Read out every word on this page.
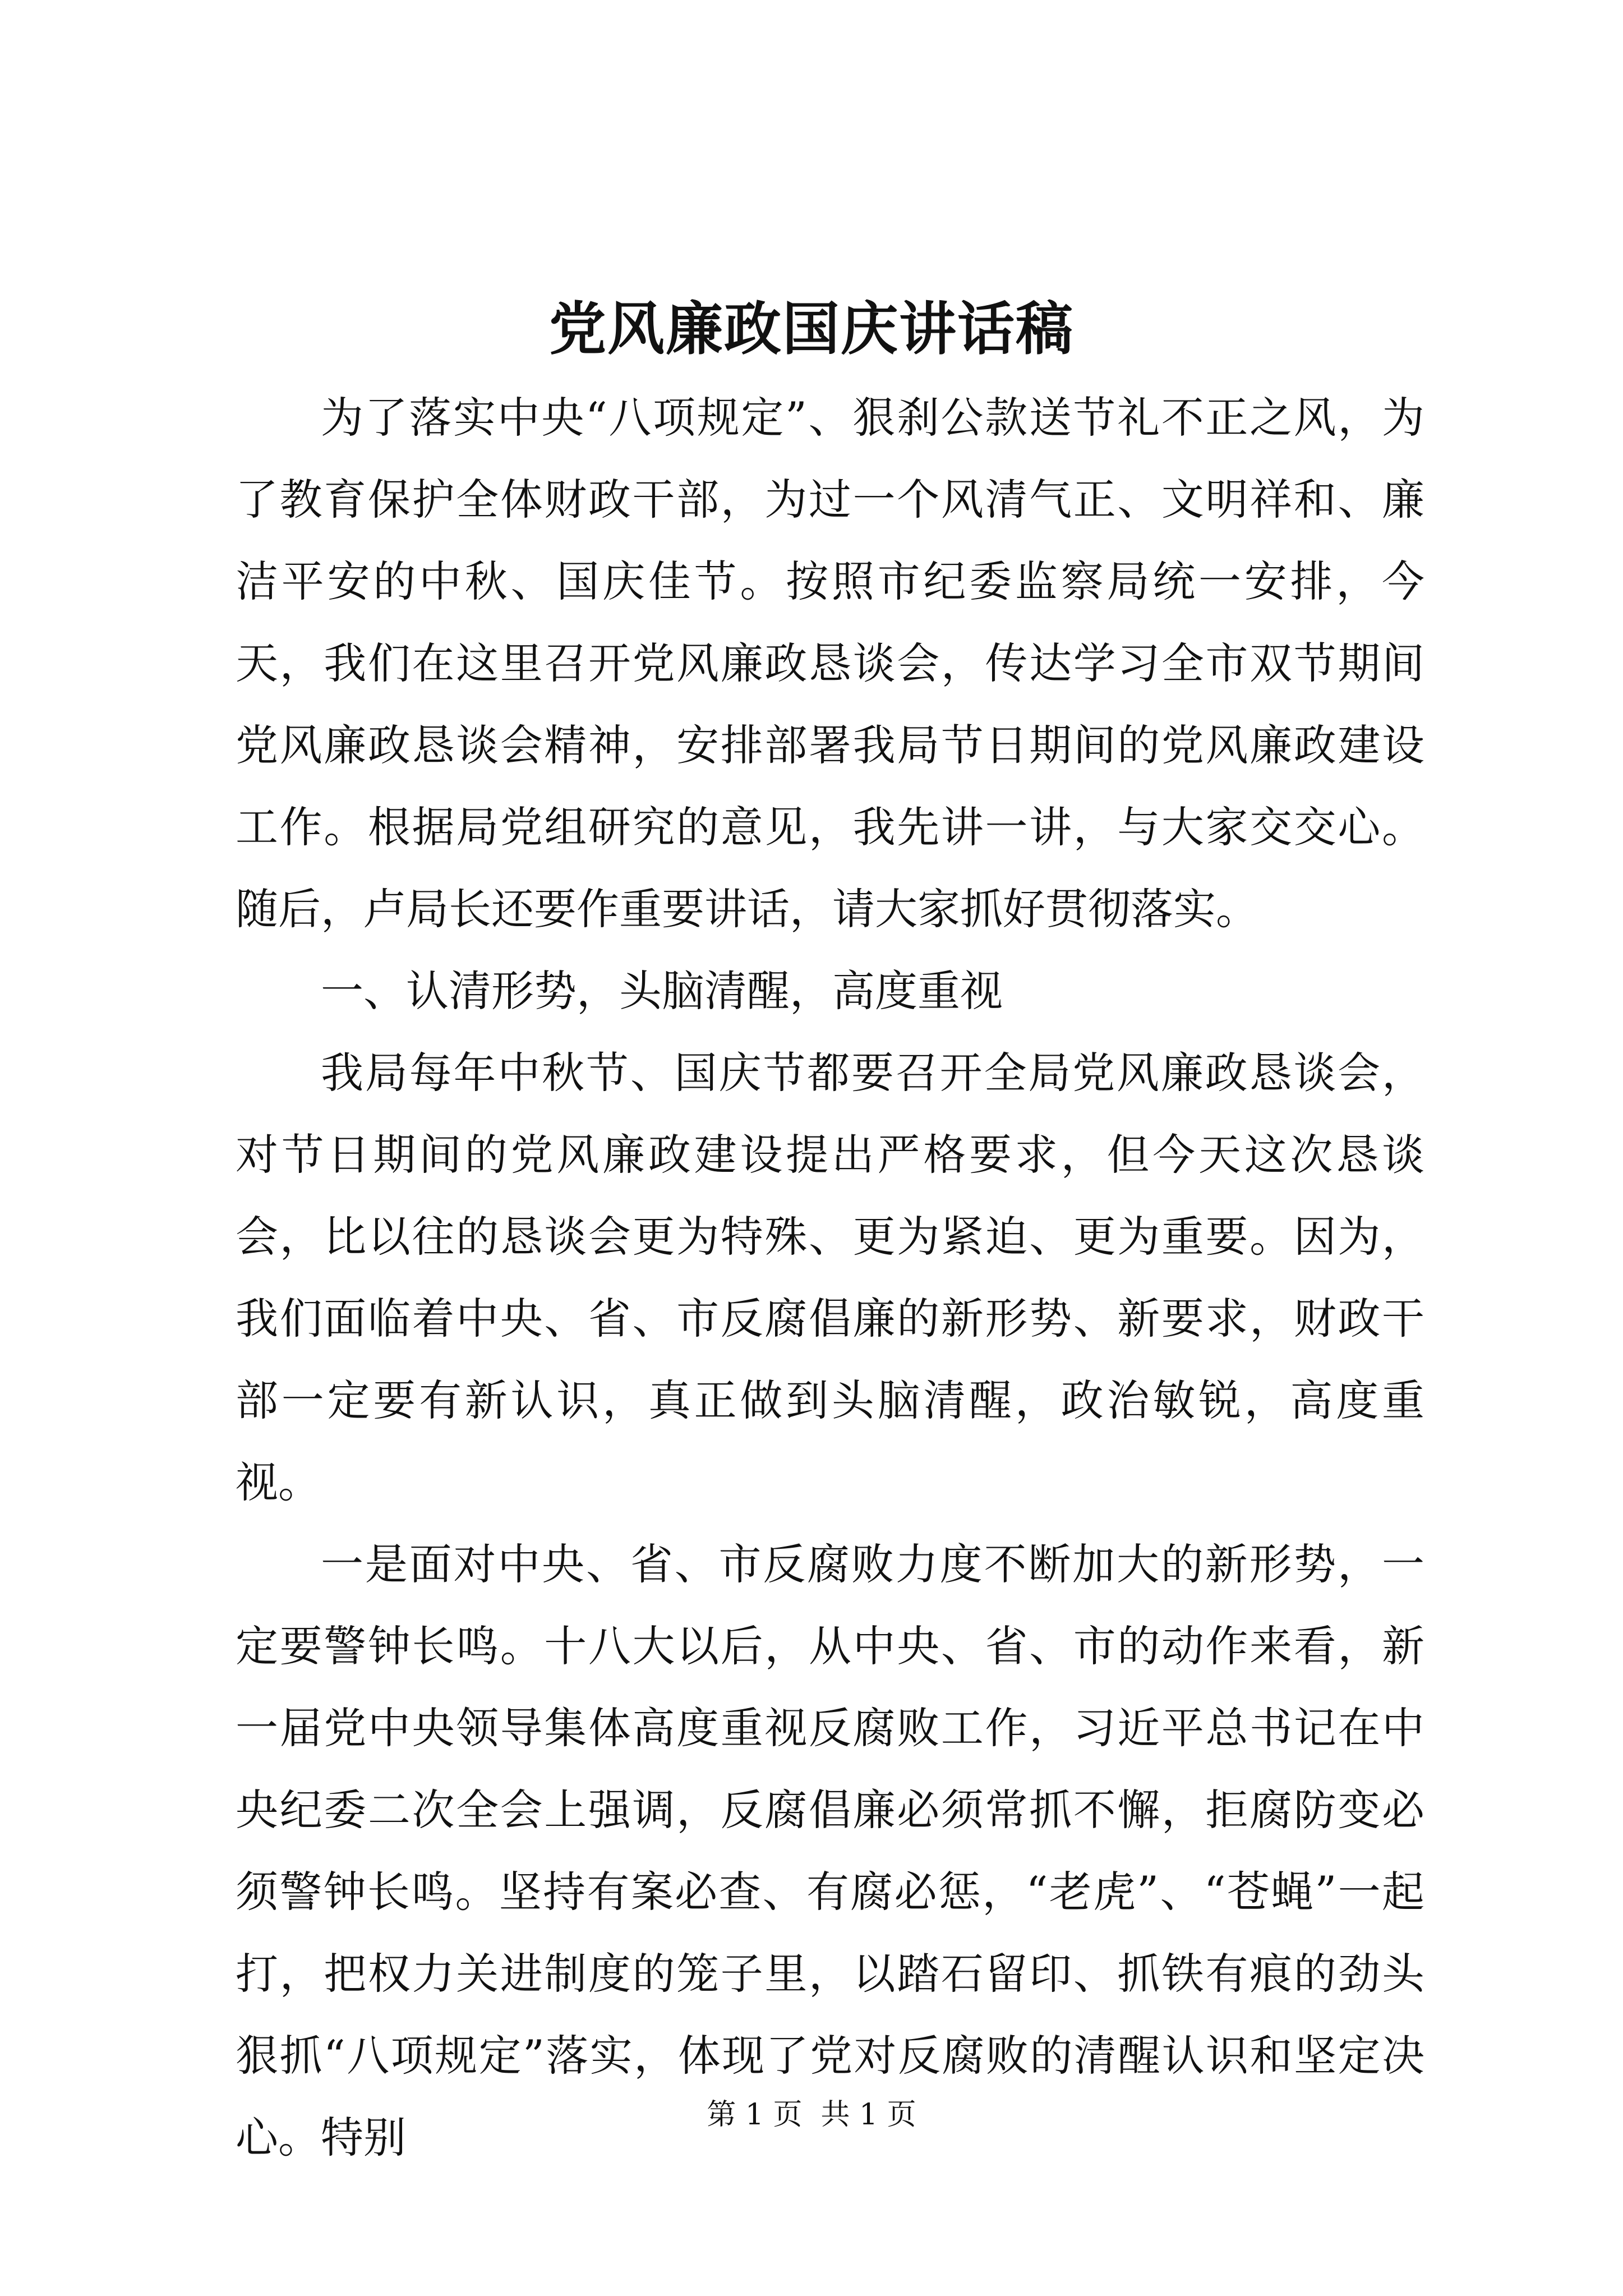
党风廉政国庆讲话稿

为了落实中央“八项规定”、狠刹公款送节礼不正之风，为了教育保护全体财政干部，为过一个风清气正、文明祥和、廉洁平安的中秋、国庆佳节。按照市纪委监察局统一安排，今天，我们在这里召开党风廉政恳谈会，传达学习全市双节期间党风廉政恳谈会精神，安排部署我局节日期间的党风廉政建设工作。根据局党组研究的意见，我先讲一讲，与大家交交心。随后，卢局长还要作重要讲话，请大家抓好贯彻落实。

一、认清形势，头脑清醒，高度重视

我局每年中秋节、国庆节都要召开全局党风廉政恳谈会，对节日期间的党风廉政建设提出严格要求，但今天这次恳谈会，比以往的恳谈会更为特殊、更为紧迫、更为重要。因为，我们面临着中央、省、市反腐倡廉的新形势、新要求，财政干部一定要有新认识，真正做到头脑清醒，政治敏锐，高度重视。

一是面对中央、省、市反腐败力度不断加大的新形势，一定要警钟长鸣。十八大以后，从中央、省、市的动作来看，新一届党中央领导集体高度重视反腐败工作，习近平总书记在中央纪委二次全会上强调，反腐倡廉必须常抓不懈，拒腐防变必须警钟长鸣。坚持有案必查、有腐必惩，“老虎”、“苍蝇”一起打，把权力关进制度的笼子里，以踏石留印、抓铁有痕的劲头狠抓“八项规定”落实，体现了党对反腐败的清醒认识和坚定决心。特别	第 1 页  共 1 页
